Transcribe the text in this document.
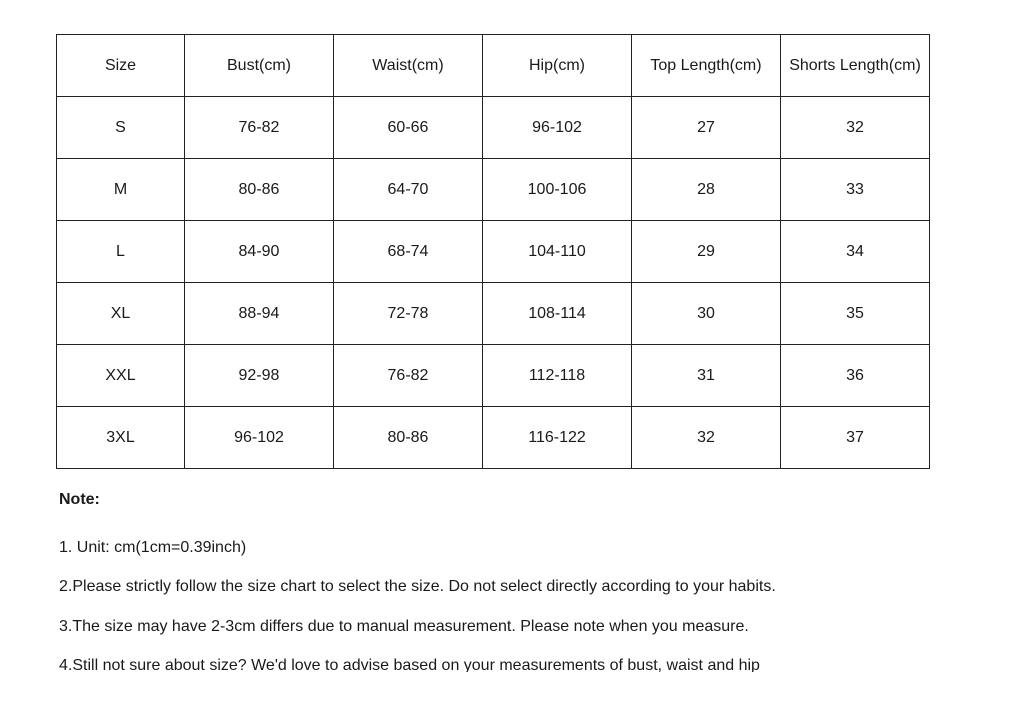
Size	Bust(cm)	Waist(cm)	Hip(cm)	Top Length(cm)	Shorts Length(cm)
S	76-82	60-66	96-102	27	32
M	80-86	64-70	100-106	28	33
L	84-90	68-74	104-110	29	34
XL	88-94	72-78	108-114	30	35
XXL	92-98	76-82	112-118	31	36
3XL	96-102	80-86	116-122	32	37

Note:

1. Unit: cm(1cm=0.39inch)

2.Please strictly follow the size chart to select the size. Do not select directly according to your habits.

3.The size may have 2-3cm differs due to manual measurement. Please note when you measure.

4.Still not sure about size? We'd love to advise based on your measurements of bust, waist and hip
